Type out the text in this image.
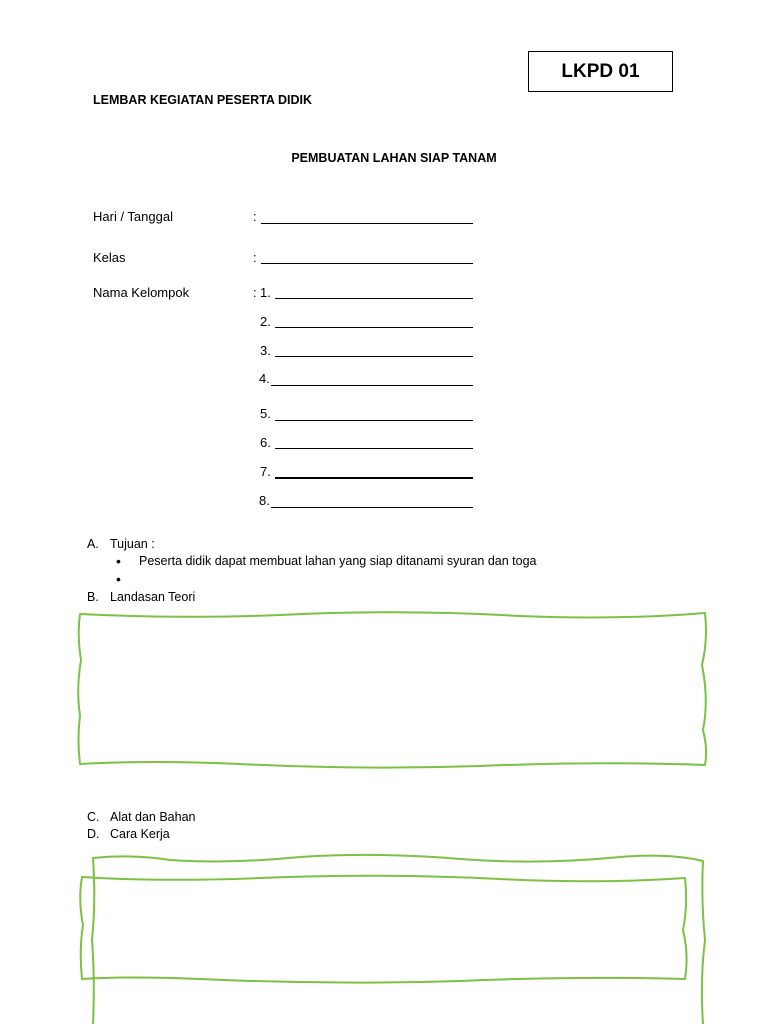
LKPD 01
LEMBAR KEGIATAN PESERTA DIDIK
PEMBUATAN LAHAN SIAP TANAM
Hari / Tanggal	:
Kelas	:
Nama Kelompok	: 1.
2.
3.
4.
5.
6.
7.
8.
A. Tujuan :
• Peserta didik dapat membuat lahan yang siap ditanami syuran dan toga
•
B. Landasan Teori
C. Alat dan Bahan
D. Cara Kerja
